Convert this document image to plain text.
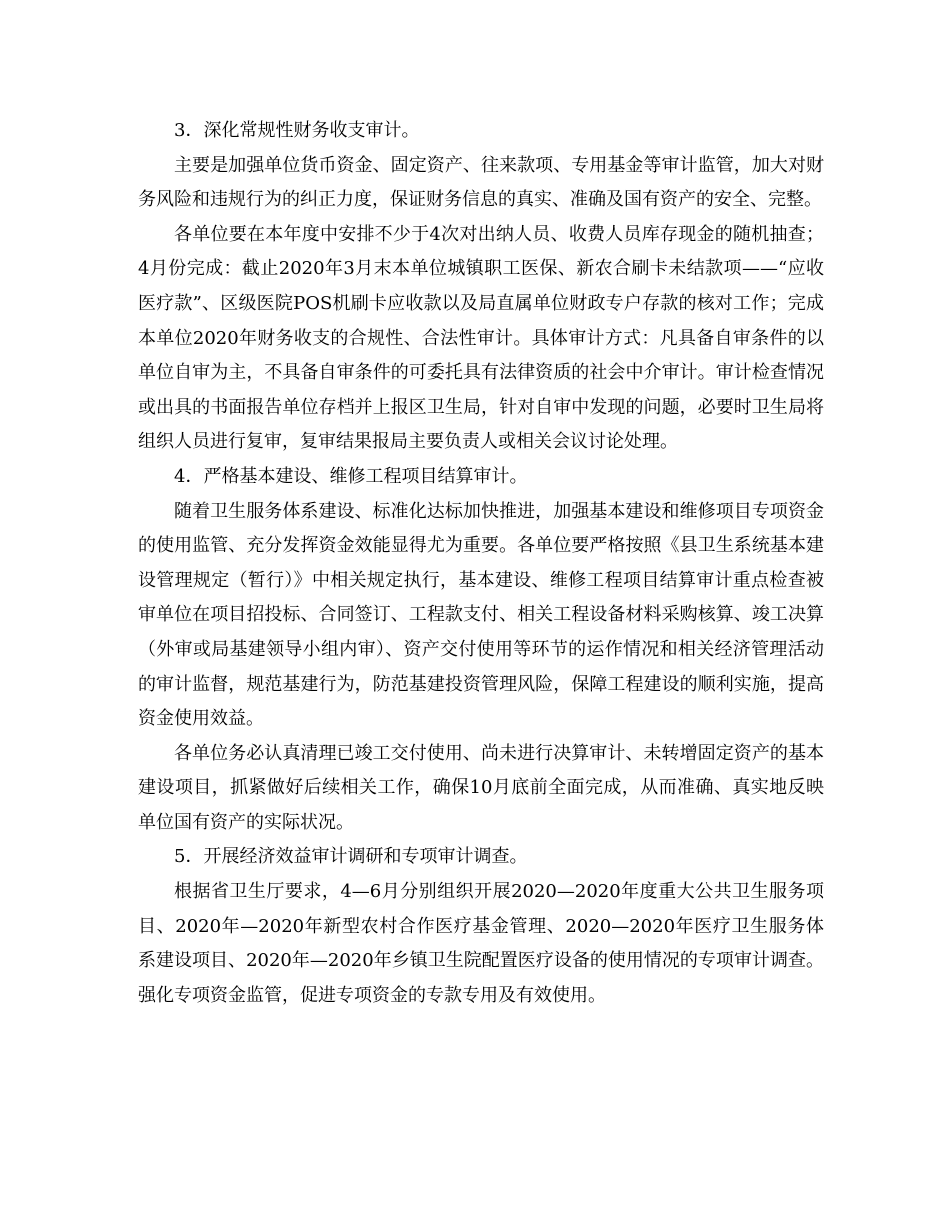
3．深化常规性财务收支审计。

主要是加强单位货币资金、固定资产、往来款项、专用基金等审计监管，加大对财务风险和违规行为的纠正力度，保证财务信息的真实、准确及国有资产的安全、完整。

各单位要在本年度中安排不少于4次对出纳人员、收费人员库存现金的随机抽查；4月份完成：截止2020年3月末本单位城镇职工医保、新农合刷卡未结款项——“应收医疗款”、区级医院POS机刷卡应收款以及局直属单位财政专户存款的核对工作；完成本单位2020年财务收支的合规性、合法性审计。具体审计方式：凡具备自审条件的以单位自审为主，不具备自审条件的可委托具有法律资质的社会中介审计。审计检查情况或出具的书面报告单位存档并上报区卫生局，针对自审中发现的问题，必要时卫生局将组织人员进行复审，复审结果报局主要负责人或相关会议讨论处理。

4．严格基本建设、维修工程项目结算审计。

随着卫生服务体系建设、标准化达标加快推进，加强基本建设和维修项目专项资金的使用监管、充分发挥资金效能显得尤为重要。各单位要严格按照《县卫生系统基本建设管理规定（暂行）》中相关规定执行，基本建设、维修工程项目结算审计重点检查被审单位在项目招投标、合同签订、工程款支付、相关工程设备材料采购核算、竣工决算（外审或局基建领导小组内审）、资产交付使用等环节的运作情况和相关经济管理活动的审计监督，规范基建行为，防范基建投资管理风险，保障工程建设的顺利实施，提高资金使用效益。

各单位务必认真清理已竣工交付使用、尚未进行决算审计、未转增固定资产的基本建设项目，抓紧做好后续相关工作，确保10月底前全面完成，从而准确、真实地反映单位国有资产的实际状况。

5．开展经济效益审计调研和专项审计调查。

根据省卫生厅要求，4—6月分别组织开展2020—2020年度重大公共卫生服务项目、2020年—2020年新型农村合作医疗基金管理、2020—2020年医疗卫生服务体系建设项目、2020年—2020年乡镇卫生院配置医疗设备的使用情况的专项审计调查。强化专项资金监管，促进专项资金的专款专用及有效使用。
